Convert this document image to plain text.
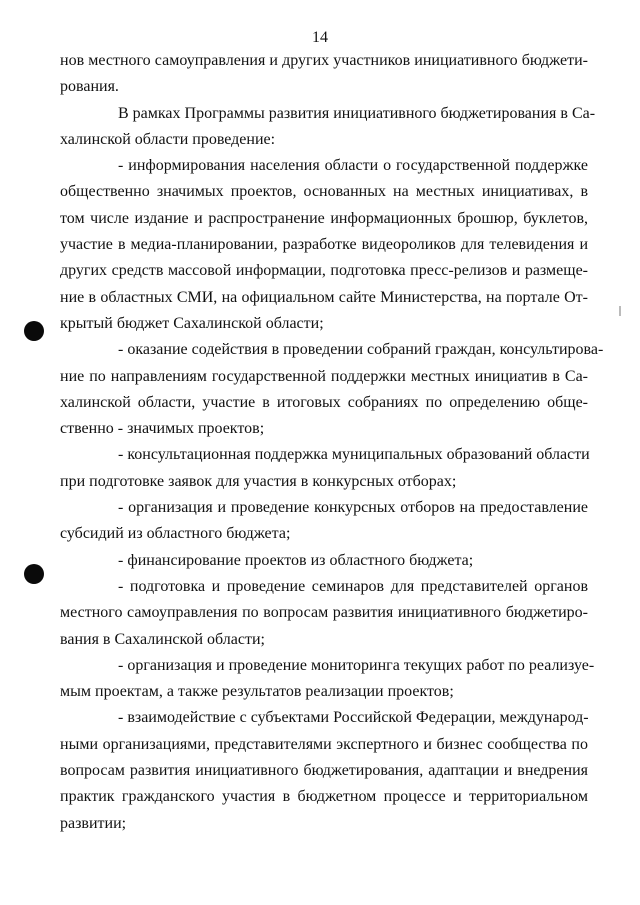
14
нов местного самоуправления и других участников инициативного бюджети-
рования.
В рамках Программы развития инициативного бюджетирования в Са-
халинской области проведение:
- информирования населения области о государственной поддержке
общественно значимых проектов, основанных на местных инициативах, в
том числе издание и распространение информационных брошюр, буклетов,
участие в медиа-планировании, разработке видеороликов для телевидения и
других средств массовой информации, подготовка пресс-релизов и размеще-
ние в областных СМИ, на официальном сайте Министерства, на портале От-
крытый бюджет Сахалинской области;
- оказание содействия в проведении собраний граждан, консультирова-
ние по направлениям государственной поддержки местных инициатив в Са-
халинской области, участие в итоговых собраниях по определению обще-
ственно - значимых проектов;
- консультационная поддержка муниципальных образований области
при подготовке заявок для участия в конкурсных отборах;
- организация и проведение конкурсных отборов на предоставление
субсидий из областного бюджета;
- финансирование проектов из областного бюджета;
- подготовка и проведение семинаров для представителей органов
местного самоуправления по вопросам развития инициативного бюджетиро-
вания в Сахалинской области;
- организация и проведение мониторинга текущих работ по реализуе-
мым проектам, а также результатов реализации проектов;
- взаимодействие с субъектами Российской Федерации, международ-
ными организациями, представителями экспертного и бизнес сообщества по
вопросам развития инициативного бюджетирования, адаптации и внедрения
практик гражданского участия в бюджетном процессе и территориальном
развитии;
